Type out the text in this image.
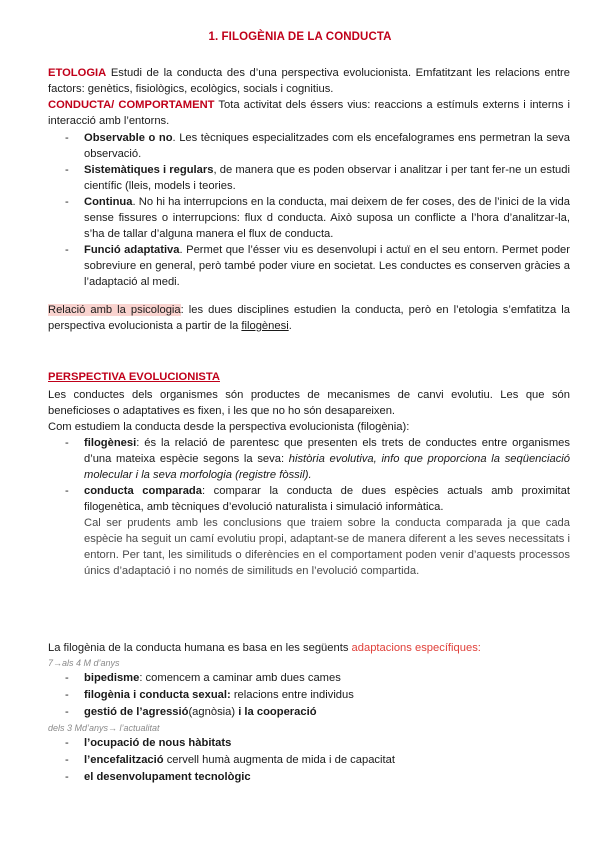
1. FILOGÈNIA DE LA CONDUCTA

ETOLOGIA Estudi de la conducta des d’una perspectiva evolucionista. Emfatitzant les relacions entre factors: genètics, fisiològics, ecològics, socials i cognitius.

CONDUCTA/ COMPORTAMENT Tota activitat dels éssers vius: reaccions a estímuls externs i interns i interacció amb l’entorns.

- Observable o no. Les tècniques especialitzades com els encefalogrames ens permetran la seva observació.
- Sistemàtiques i regulars, de manera que es poden observar i analitzar i per tant fer-ne un estudi científic (lleis, models i teories.
- Continua. No hi ha interrupcions en la conducta, mai deixem de fer coses, des de l’inici de la vida sense fissures o interrupcions: flux d conducta. Això suposa un conflicte a l’hora d’analitzar-la, s’ha de tallar d’alguna manera el flux de conducta.
- Funció adaptativa. Permet que l’ésser viu es desenvolupi i actuï en el seu entorn. Permet poder sobreviure en general, però també poder viure en societat. Les conductes es conserven gràcies a l’adaptació al medi.

Relació amb la psicologia: les dues disciplines estudien la conducta, però en l’etologia s’emfatitza la perspectiva evolucionista a partir de la filogènesi.

PERSPECTIVA EVOLUCIONISTA

Les conductes dels organismes són productes de mecanismes de canvi evolutiu. Les que són beneficioses o adaptatives es fixen, i les que no ho són desapareixen.

Com estudiem la conducta desde la perspectiva evolucionista (filogènia):

- filogènesi: és la relació de parentesc que presenten els trets de conductes entre organismes d’una mateixa espècie segons la seva: història evolutiva, info que proporciona la seqüenciació molecular i la seva morfologia (registre fòssil).
- conducta comparada: comparar la conducta de dues espècies actuals amb proximitat filogenètica, amb tècniques d’evolució naturalista i simulació informàtica.
Cal ser prudents amb les conclusions que traiem sobre la conducta comparada ja que cada espècie ha seguit un camí evolutiu propi, adaptant-se de manera diferent a les seves necessitats i entorn. Per tant, les similituds o diferències en el comportament poden venir d’aquests processos únics d’adaptació i no només de similituds en l’evolució compartida.

La filogènia de la conducta humana es basa en les següents adaptacions específiques:

7→als 4 M d’anys
- bipedisme: comencem a caminar amb dues cames
- filogènia i conducta sexual: relacions entre individus
- gestió de l’agressió(agnòsia) i la cooperació
dels 3 Md’anys→ l’actualitat
- l’ocupació de nous hàbitats
- l’encefalització cervell humà augmenta de mida i de capacitat
- el desenvolupament tecnològic
